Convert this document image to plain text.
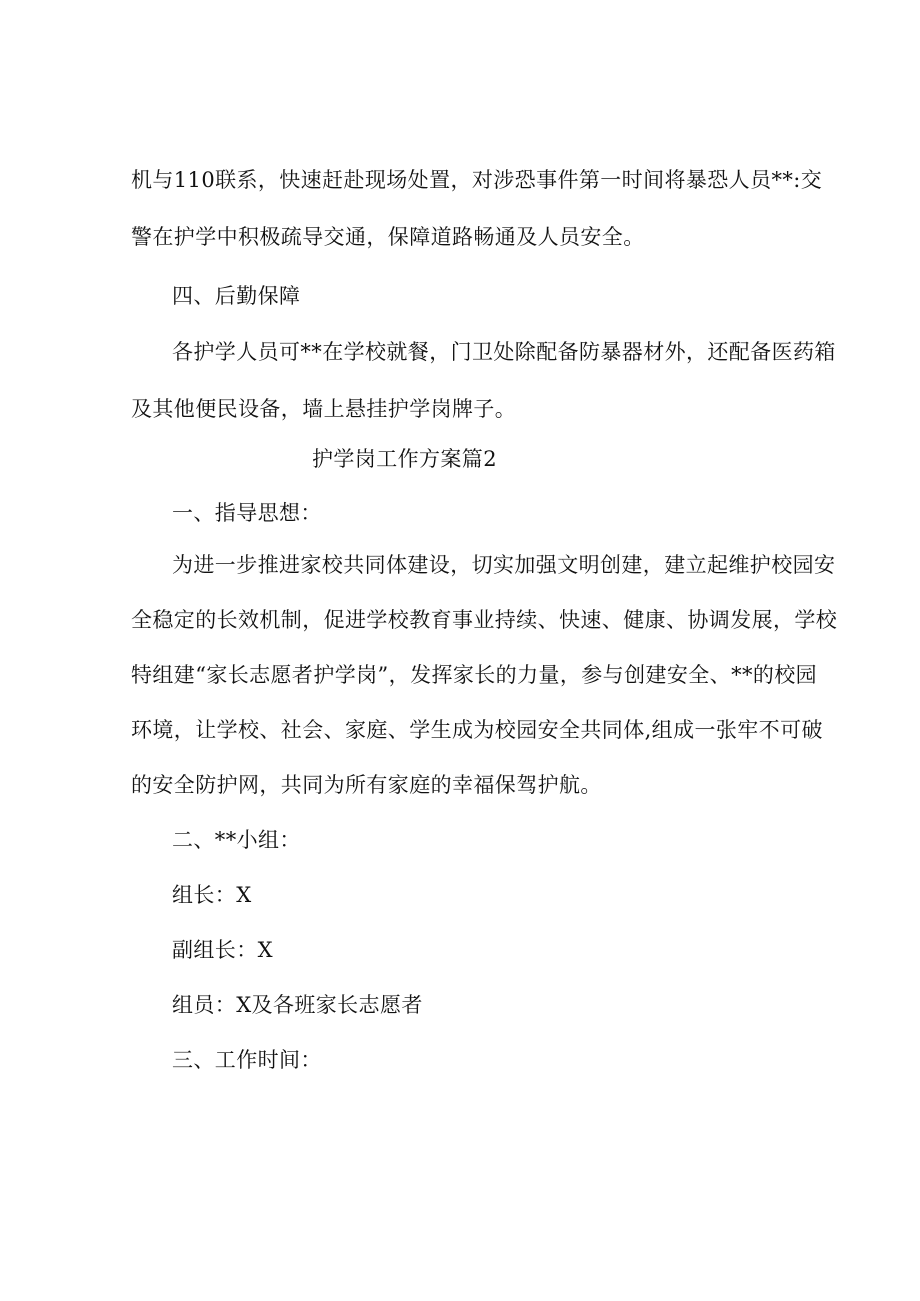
机与110联系，快速赶赴现场处置，对涉恐事件第一时间将暴恐人员**:交
警在护学中积极疏导交通，保障道路畅通及人员安全。
四、后勤保障
各护学人员可**在学校就餐，门卫处除配备防暴器材外，还配备医药箱
及其他便民设备，墙上悬挂护学岗牌子。
护学岗工作方案篇2
一、指导思想：
为进一步推进家校共同体建设，切实加强文明创建，建立起维护校园安
全稳定的长效机制，促进学校教育事业持续、快速、健康、协调发展，学校
特组建“家长志愿者护学岗”，发挥家长的力量，参与创建安全、**的校园
环境，让学校、社会、家庭、学生成为校园安全共同体,组成一张牢不可破
的安全防护网，共同为所有家庭的幸福保驾护航。
二、**小组：
组长：X
副组长：X
组员：X及各班家长志愿者
三、工作时间：
